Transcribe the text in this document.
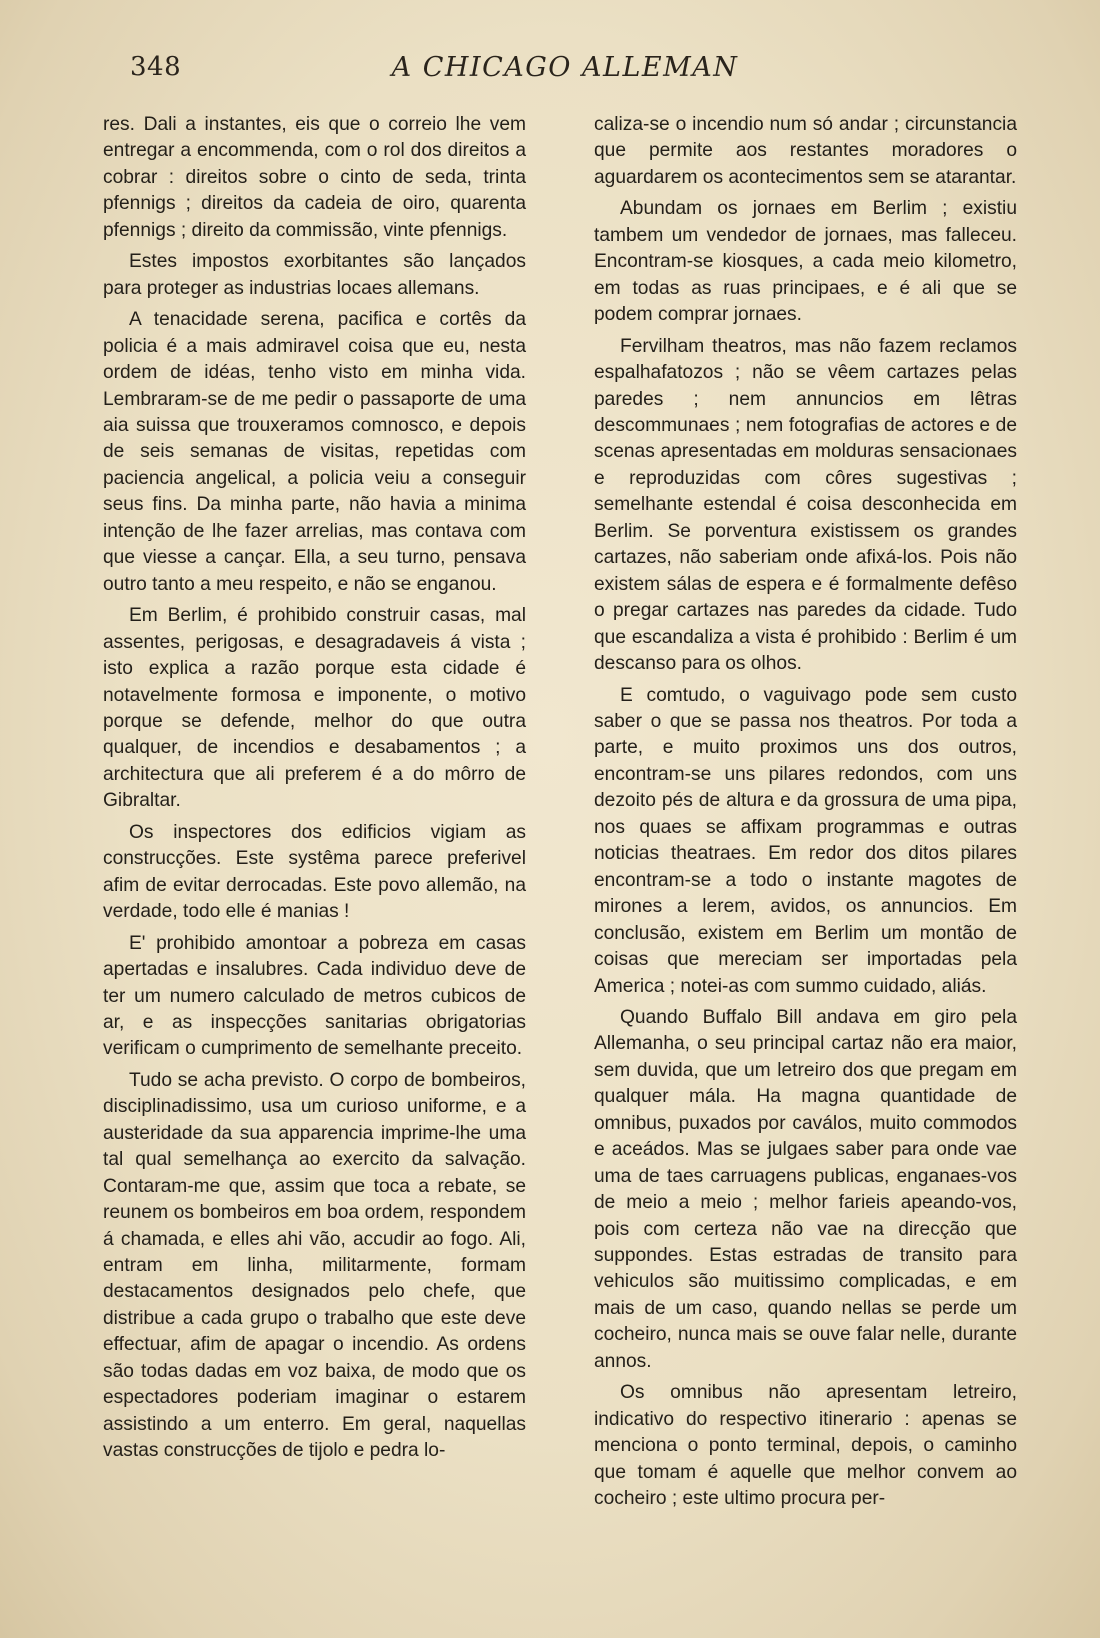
348	A CHICAGO ALLEMAN

res. Dali a instantes, eis que o correio lhe vem entregar a encommenda, com o rol dos direitos a cobrar : direitos sobre o cinto de seda, trinta pfennigs ; direitos da cadeia de oiro, quarenta pfennigs ; direito da commissão, vinte pfennigs.

Estes impostos exorbitantes são lançados para proteger as industrias locaes allemans.

A tenacidade serena, pacifica e cortês da policia é a mais admiravel coisa que eu, nesta ordem de idéas, tenho visto em minha vida. Lembraram-se de me pedir o passaporte de uma aia suissa que trouxeramos comnosco, e depois de seis semanas de visitas, repetidas com paciencia angelical, a policia veiu a conseguir seus fins. Da minha parte, não havia a minima intenção de lhe fazer arrelias, mas contava com que viesse a cançar. Ella, a seu turno, pensava outro tanto a meu respeito, e não se enganou.

Em Berlim, é prohibido construir casas, mal assentes, perigosas, e desagradaveis á vista ; isto explica a razão porque esta cidade é notavelmente formosa e imponente, o motivo porque se defende, melhor do que outra qualquer, de incendios e desabamentos ; a architectura que ali preferem é a do môrro de Gibraltar.

Os inspectores dos edificios vigiam as construcções. Este systêma parece preferivel afim de evitar derrocadas. Este povo allemão, na verdade, todo elle é manias !

E' prohibido amontoar a pobreza em casas apertadas e insalubres. Cada individuo deve de ter um numero calculado de metros cubicos de ar, e as inspecções sanitarias obrigatorias verificam o cumprimento de semelhante preceito.

Tudo se acha previsto. O corpo de bombeiros, disciplinadissimo, usa um curioso uniforme, e a austeridade da sua apparencia imprime-lhe uma tal qual semelhança ao exercito da salvação. Contaram-me que, assim que toca a rebate, se reunem os bombeiros em boa ordem, respondem á chamada, e elles ahi vão, accudir ao fogo. Ali, entram em linha, militarmente, formam destacamentos designados pelo chefe, que distribue a cada grupo o trabalho que este deve effectuar, afim de apagar o incendio. As ordens são todas dadas em voz baixa, de modo que os espectadores poderiam imaginar o estarem assistindo a um enterro. Em geral, naquellas vastas construcções de tijolo e pedra lo-

caliza-se o incendio num só andar ; circunstancia que permite aos restantes moradores o aguardarem os acontecimentos sem se atarantar.

Abundam os jornaes em Berlim ; existiu tambem um vendedor de jornaes, mas falleceu. Encontram-se kiosques, a cada meio kilometro, em todas as ruas principaes, e é ali que se podem comprar jornaes.

Fervilham theatros, mas não fazem reclamos espalhafatozos ; não se vêem cartazes pelas paredes ; nem annuncios em lêtras descommunaes ; nem fotografias de actores e de scenas apresentadas em molduras sensacionaes e reproduzidas com côres sugestivas ; semelhante estendal é coisa desconhecida em Berlim. Se porventura existissem os grandes cartazes, não saberiam onde afixá-los. Pois não existem sálas de espera e é formalmente defêso o pregar cartazes nas paredes da cidade. Tudo que escandaliza a vista é prohibido : Berlim é um descanso para os olhos.

E comtudo, o vaguivago pode sem custo saber o que se passa nos theatros. Por toda a parte, e muito proximos uns dos outros, encontram-se uns pilares redondos, com uns dezoito pés de altura e da grossura de uma pipa, nos quaes se affixam programmas e outras noticias theatraes. Em redor dos ditos pilares encontram-se a todo o instante magotes de mirones a lerem, avidos, os annuncios. Em conclusão, existem em Berlim um montão de coisas que mereciam ser importadas pela America ; notei-as com summo cuidado, aliás.

Quando Buffalo Bill andava em giro pela Allemanha, o seu principal cartaz não era maior, sem duvida, que um letreiro dos que pregam em qualquer mála. Ha magna quantidade de omnibus, puxados por caválos, muito commodos e aceádos. Mas se julgaes saber para onde vae uma de taes carruagens publicas, enganaes-vos de meio a meio ; melhor farieis apeando-vos, pois com certeza não vae na direcção que suppondes. Estas estradas de transito para vehiculos são muitissimo complicadas, e em mais de um caso, quando nellas se perde um cocheiro, nunca mais se ouve falar nelle, durante annos.

Os omnibus não apresentam letreiro, indicativo do respectivo itinerario : apenas se menciona o ponto terminal, depois, o caminho que tomam é aquelle que melhor convem ao cocheiro ; este ultimo procura per-
